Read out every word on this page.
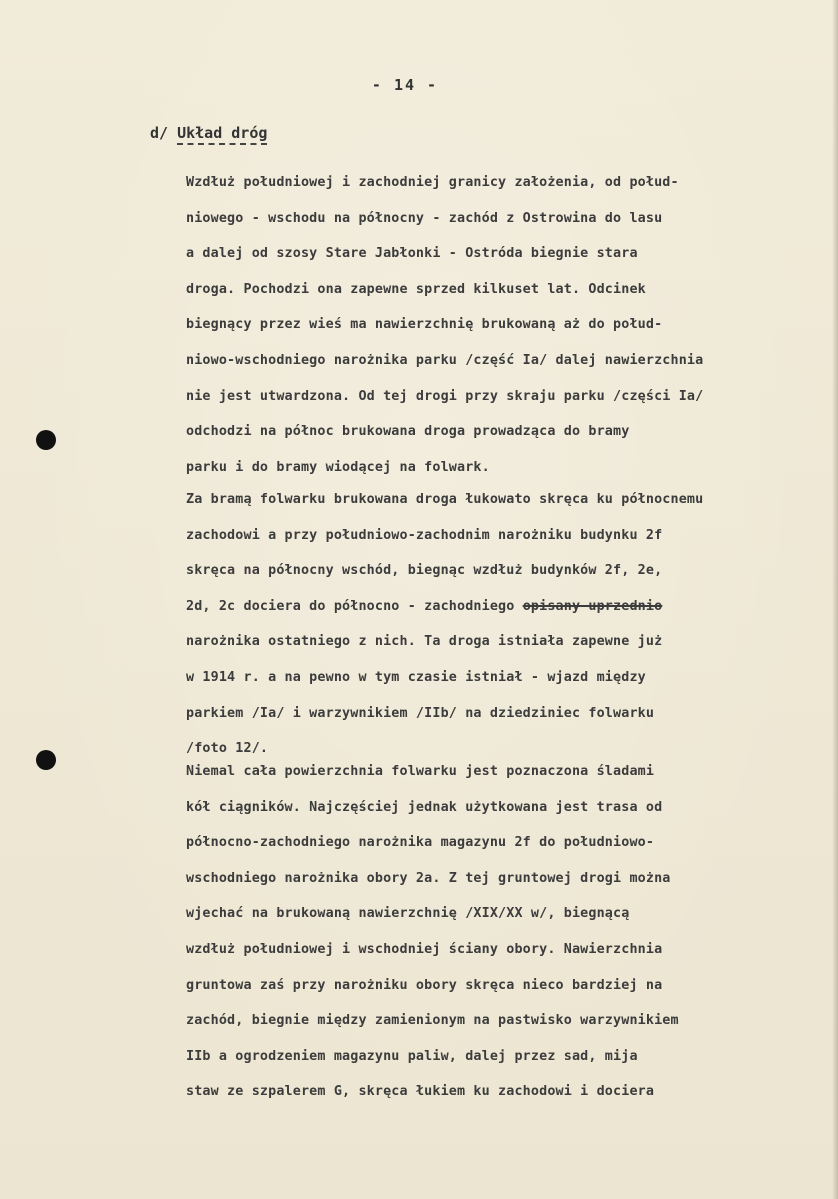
- 14 -
d/ Układ dróg
Wzdłuż południowej i zachodniej granicy założenia, od połud-
niowego - wschodu na północny - zachód z Ostrowina do lasu
a dalej od szosy Stare Jabłonki - Ostróda biegnie stara
droga. Pochodzi ona zapewne sprzed kilkuset lat. Odcinek
biegnący przez wieś ma nawierzchnię brukowaną aż do połud-
niowo-wschodniego narożnika parku /część Ia/ dalej nawierzchnia
nie jest utwardzona. Od tej drogi przy skraju parku /części Ia/
odchodzi na północ brukowana droga prowadząca do bramy
parku i do bramy wiodącej na folwark.
Za bramą folwarku brukowana droga łukowato skręca ku północnemu
zachodowi a przy południowo-zachodnim narożniku budynku 2f
skręca na północny wschód, biegnąc wzdłuż budynków 2f, 2e,
2d, 2c dociera do północno - zachodniego opisany uprzednio
narożnika ostatniego z nich. Ta droga istniała zapewne już
w 1914 r. a na pewno w tym czasie istniał - wjazd między
parkiem /Ia/ i warzywnikiem /IIb/ na dziedziniec folwarku
/foto 12/.
Niemal cała powierzchnia folwarku jest poznaczona śladami
kół ciągników. Najczęściej jednak użytkowana jest trasa od
północno-zachodniego narożnika magazynu 2f do południowo-
wschodniego narożnika obory 2a. Z tej gruntowej drogi można
wjechać na brukowaną nawierzchnię /XIX/XX w/, biegnącą
wzdłuż południowej i wschodniej ściany obory. Nawierzchnia
gruntowa zaś przy narożniku obory skręca nieco bardziej na
zachód, biegnie między zamienionym na pastwisko warzywnikiem
IIb a ogrodzeniem magazynu paliw, dalej przez sad, mija
staw ze szpalerem G, skręca łukiem ku zachodowi i dociera
